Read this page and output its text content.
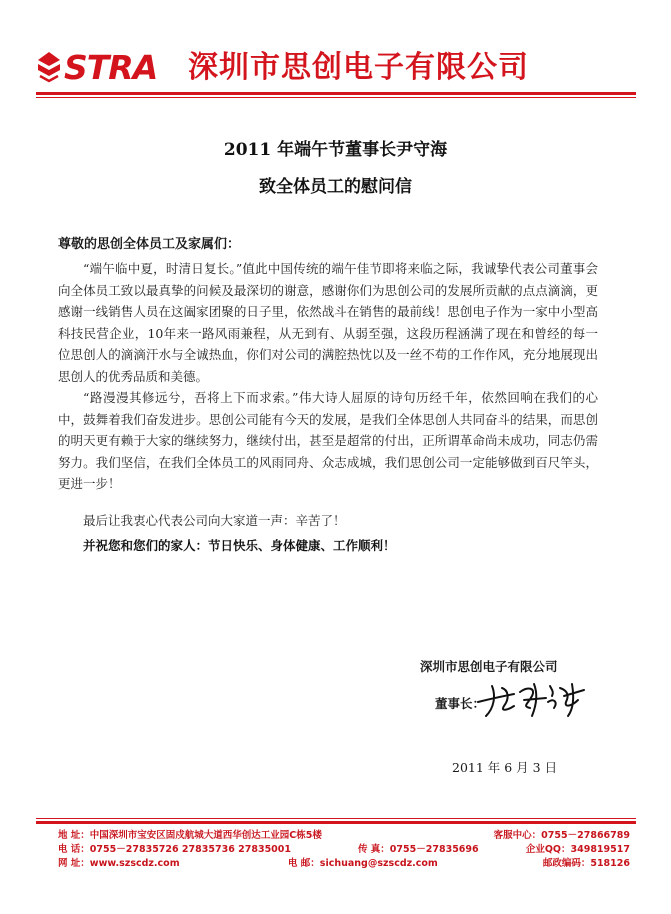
STRA 深圳市思创电子有限公司
2011 年端午节董事长尹守海
致全体员工的慰问信
尊敬的思创全体员工及家属们：
“端午临中夏，时清日复长。”值此中国传统的端午佳节即将来临之际，我诚挚代表公司董事会向全体员工致以最真挚的问候及最深切的谢意，感谢你们为思创公司的发展所贡献的点点滴滴，更感谢一线销售人员在这阖家团聚的日子里，依然战斗在销售的最前线！思创电子作为一家中小型高科技民营企业，10年来一路风雨兼程，从无到有、从弱至强，这段历程涵满了现在和曾经的每一位思创人的滴滴汗水与全诚热血，你们对公司的满腔热忱以及一丝不苟的工作作风，充分地展现出思创人的优秀品质和美德。
“路漫漫其修远兮，吾将上下而求索。”伟大诗人屈原的诗句历经千年，依然回响在我们的心中，鼓舞着我们奋发进步。思创公司能有今天的发展，是我们全体思创人共同奋斗的结果，而思创的明天更有赖于大家的继续努力，继续付出，甚至是超常的付出，正所谓革命尚未成功，同志仍需努力。我们坚信，在我们全体员工的风雨同舟、众志成城，我们思创公司一定能够做到百尺竿头，更进一步！
最后让我衷心代表公司向大家道一声：辛苦了！
并祝您和您们的家人：节日快乐、身体健康、工作顺利！
深圳市思创电子有限公司
董事长：
2011 年 6 月 3 日
地 址：中国深圳市宝安区固戍航城大道西华创达工业园C栋5楼	客服中心：0755－27866789
电 话：0755－27835726 27835736 27835001	传 真：0755－27835696	企业QQ：349819517
网 址：www.szscdz.com	电 邮：sichuang@szscdz.com	邮政编码：518126
